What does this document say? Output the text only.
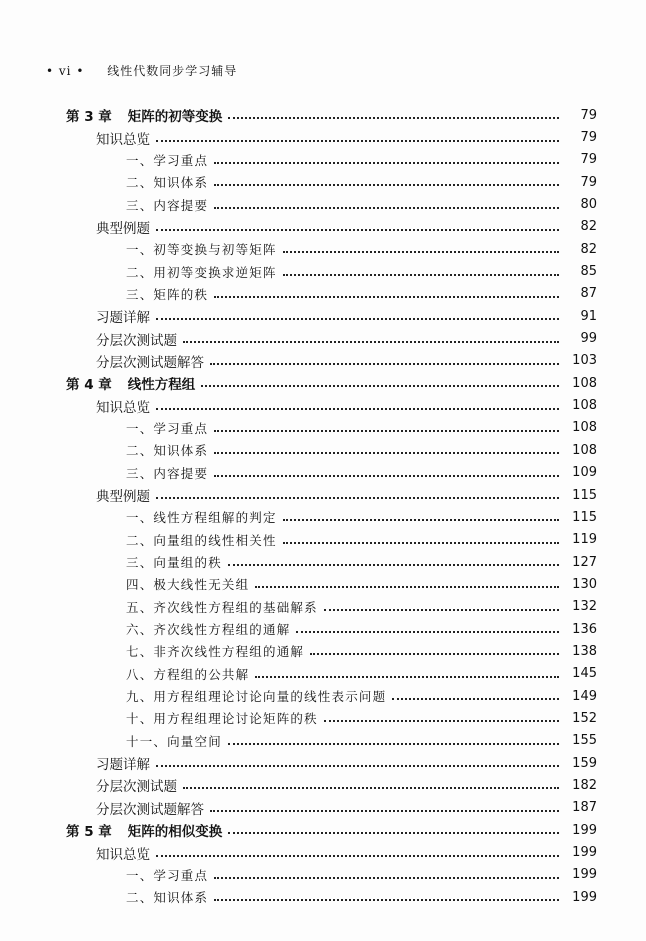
• vi • 线性代数同步学习辅导
第 3 章 矩阵的初等变换	79
知识总览	79
一、学习重点	79
二、知识体系	79
三、内容提要	80
典型例题	82
一、初等变换与初等矩阵	82
二、用初等变换求逆矩阵	85
三、矩阵的秩	87
习题详解	91
分层次测试题	99
分层次测试题解答	103
第 4 章 线性方程组	108
知识总览	108
一、学习重点	108
二、知识体系	108
三、内容提要	109
典型例题	115
一、线性方程组解的判定	115
二、向量组的线性相关性	119
三、向量组的秩	127
四、极大线性无关组	130
五、齐次线性方程组的基础解系	132
六、齐次线性方程组的通解	136
七、非齐次线性方程组的通解	138
八、方程组的公共解	145
九、用方程组理论讨论向量的线性表示问题	149
十、用方程组理论讨论矩阵的秩	152
十一、向量空间	155
习题详解	159
分层次测试题	182
分层次测试题解答	187
第 5 章 矩阵的相似变换	199
知识总览	199
一、学习重点	199
二、知识体系	199
